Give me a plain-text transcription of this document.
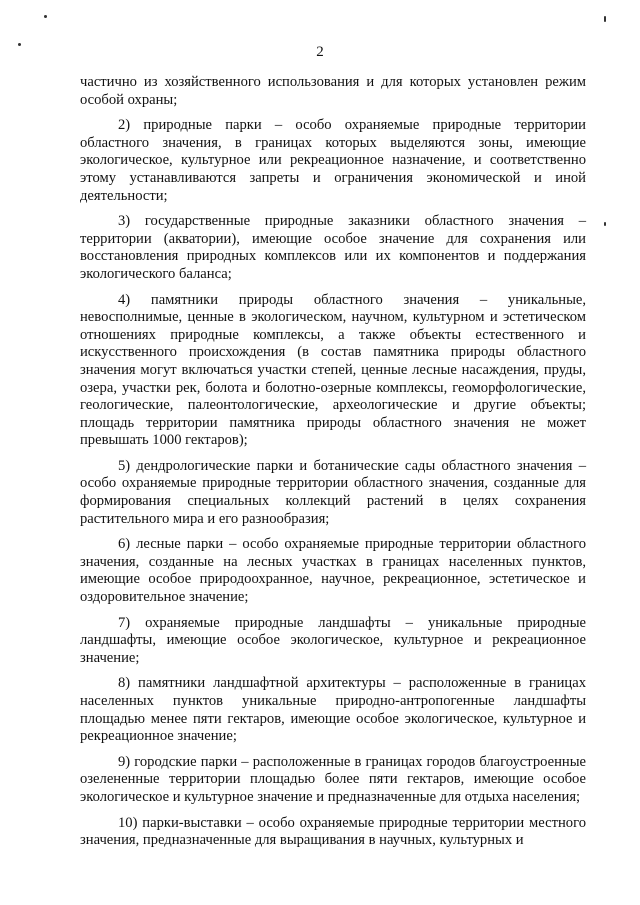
2

частично из хозяйственного использования и для которых установлен режим особой охраны;

2) природные парки – особо охраняемые природные территории областного значения, в границах которых выделяются зоны, имеющие экологическое, культурное или рекреационное назначение, и соответственно этому устанавливаются запреты и ограничения экономической и иной деятельности;

3) государственные природные заказники областного значения – территории (акватории), имеющие особое значение для сохранения или восстановления природных комплексов или их компонентов и поддержания экологического баланса;

4) памятники природы областного значения – уникальные, невосполнимые, ценные в экологическом, научном, культурном и эстетическом отношениях природные комплексы, а также объекты естественного и искусственного происхождения (в состав памятника природы областного значения могут включаться участки степей, ценные лесные насаждения, пруды, озера, участки рек, болота и болотно-озерные комплексы, геоморфологические, геологические, палеонтологические, археологические и другие объекты; площадь территории памятника природы областного значения не может превышать 1000 гектаров);

5) дендрологические парки и ботанические сады областного значения – особо охраняемые природные территории областного значения, созданные для формирования специальных коллекций растений в целях сохранения растительного мира и его разнообразия;

6) лесные парки – особо охраняемые природные территории областного значения, созданные на лесных участках в границах населенных пунктов, имеющие особое природоохранное, научное, рекреационное, эстетическое и оздоровительное значение;

7) охраняемые природные ландшафты – уникальные природные ландшафты, имеющие особое экологическое, культурное и рекреационное значение;

8) памятники ландшафтной архитектуры – расположенные в границах населенных пунктов уникальные природно-антропогенные ландшафты площадью менее пяти гектаров, имеющие особое экологическое, культурное и рекреационное значение;

9) городские парки – расположенные в границах городов благоустроенные озелененные территории площадью более пяти гектаров, имеющие особое экологическое и культурное значение и предназначенные для отдыха населения;

10) парки-выставки – особо охраняемые природные территории местного значения, предназначенные для выращивания в научных, культурных и
